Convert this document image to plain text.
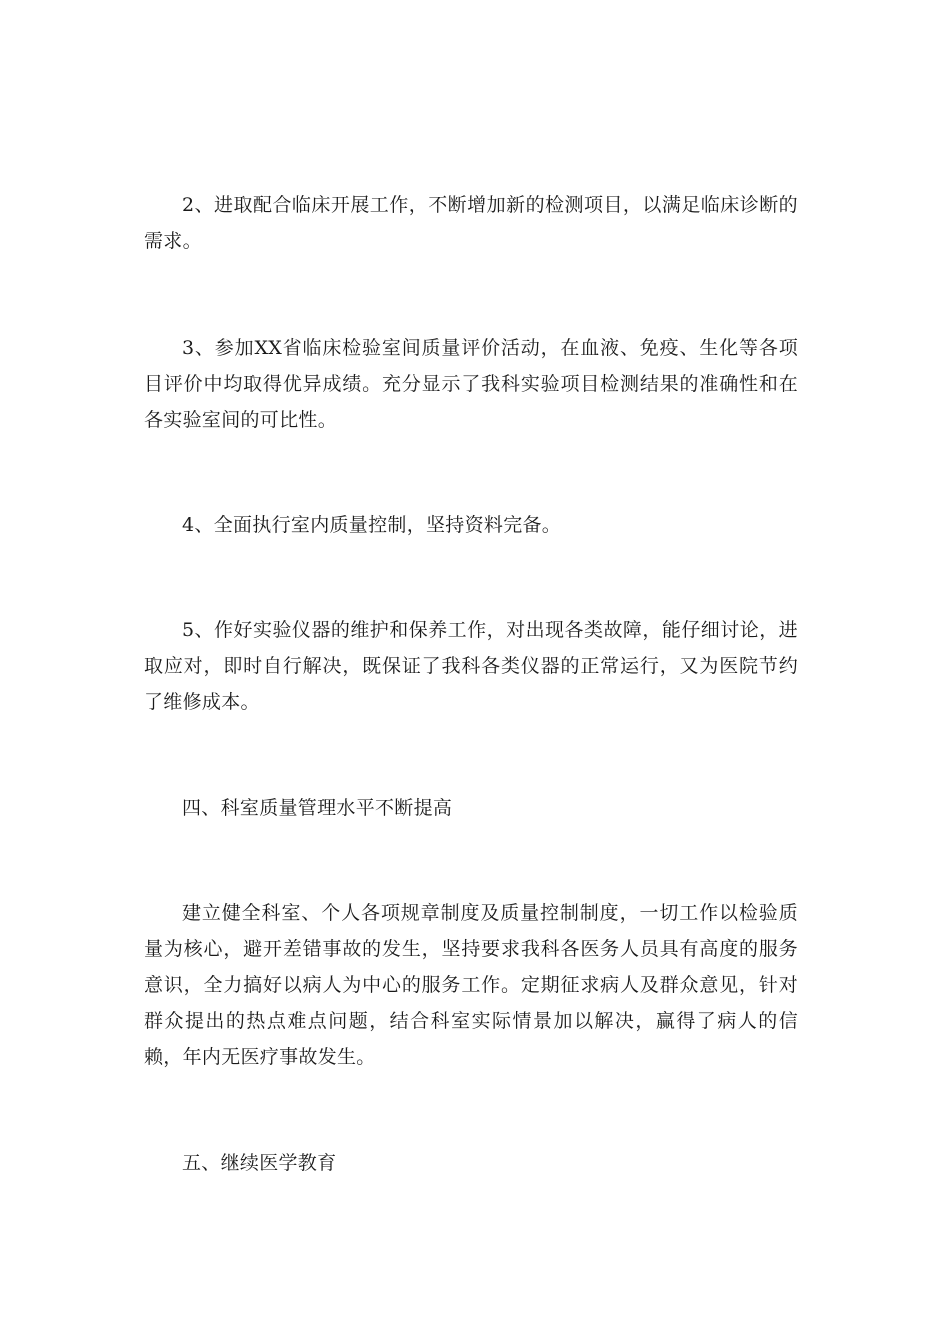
2、进取配合临床开展工作，不断增加新的检测项目，以满足临床诊断的需求。

3、参加XX省临床检验室间质量评价活动，在血液、免疫、生化等各项目评价中均取得优异成绩。充分显示了我科实验项目检测结果的准确性和在各实验室间的可比性。

4、全面执行室内质量控制，坚持资料完备。

5、作好实验仪器的维护和保养工作，对出现各类故障，能仔细讨论，进取应对，即时自行解决，既保证了我科各类仪器的正常运行，又为医院节约了维修成本。

四、科室质量管理水平不断提高

建立健全科室、个人各项规章制度及质量控制制度，一切工作以检验质量为核心，避开差错事故的发生，坚持要求我科各医务人员具有高度的服务意识，全力搞好以病人为中心的服务工作。定期征求病人及群众意见，针对群众提出的热点难点问题，结合科室实际情景加以解决，赢得了病人的信赖，年内无医疗事故发生。

五、继续医学教育
